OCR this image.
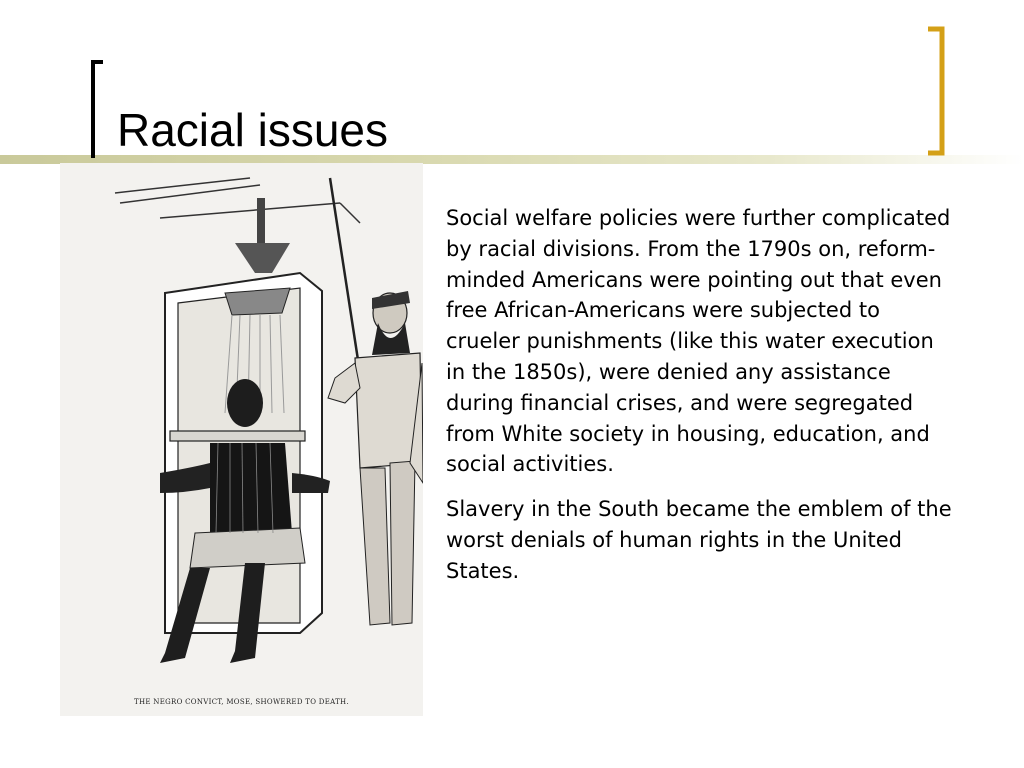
Racial issues
THE NEGRO CONVICT, MOSE, SHOWERED TO DEATH.

Social welfare policies were further complicated by racial divisions. From the 1790s on, reform-minded Americans were pointing out that even free African-Americans were subjected to crueler punishments (like this water execution in the 1850s), were denied any assistance during financial crises, and were segregated from White society in housing, education, and social activities.

Slavery in the South became the emblem of the worst denials of human rights in the United States.
